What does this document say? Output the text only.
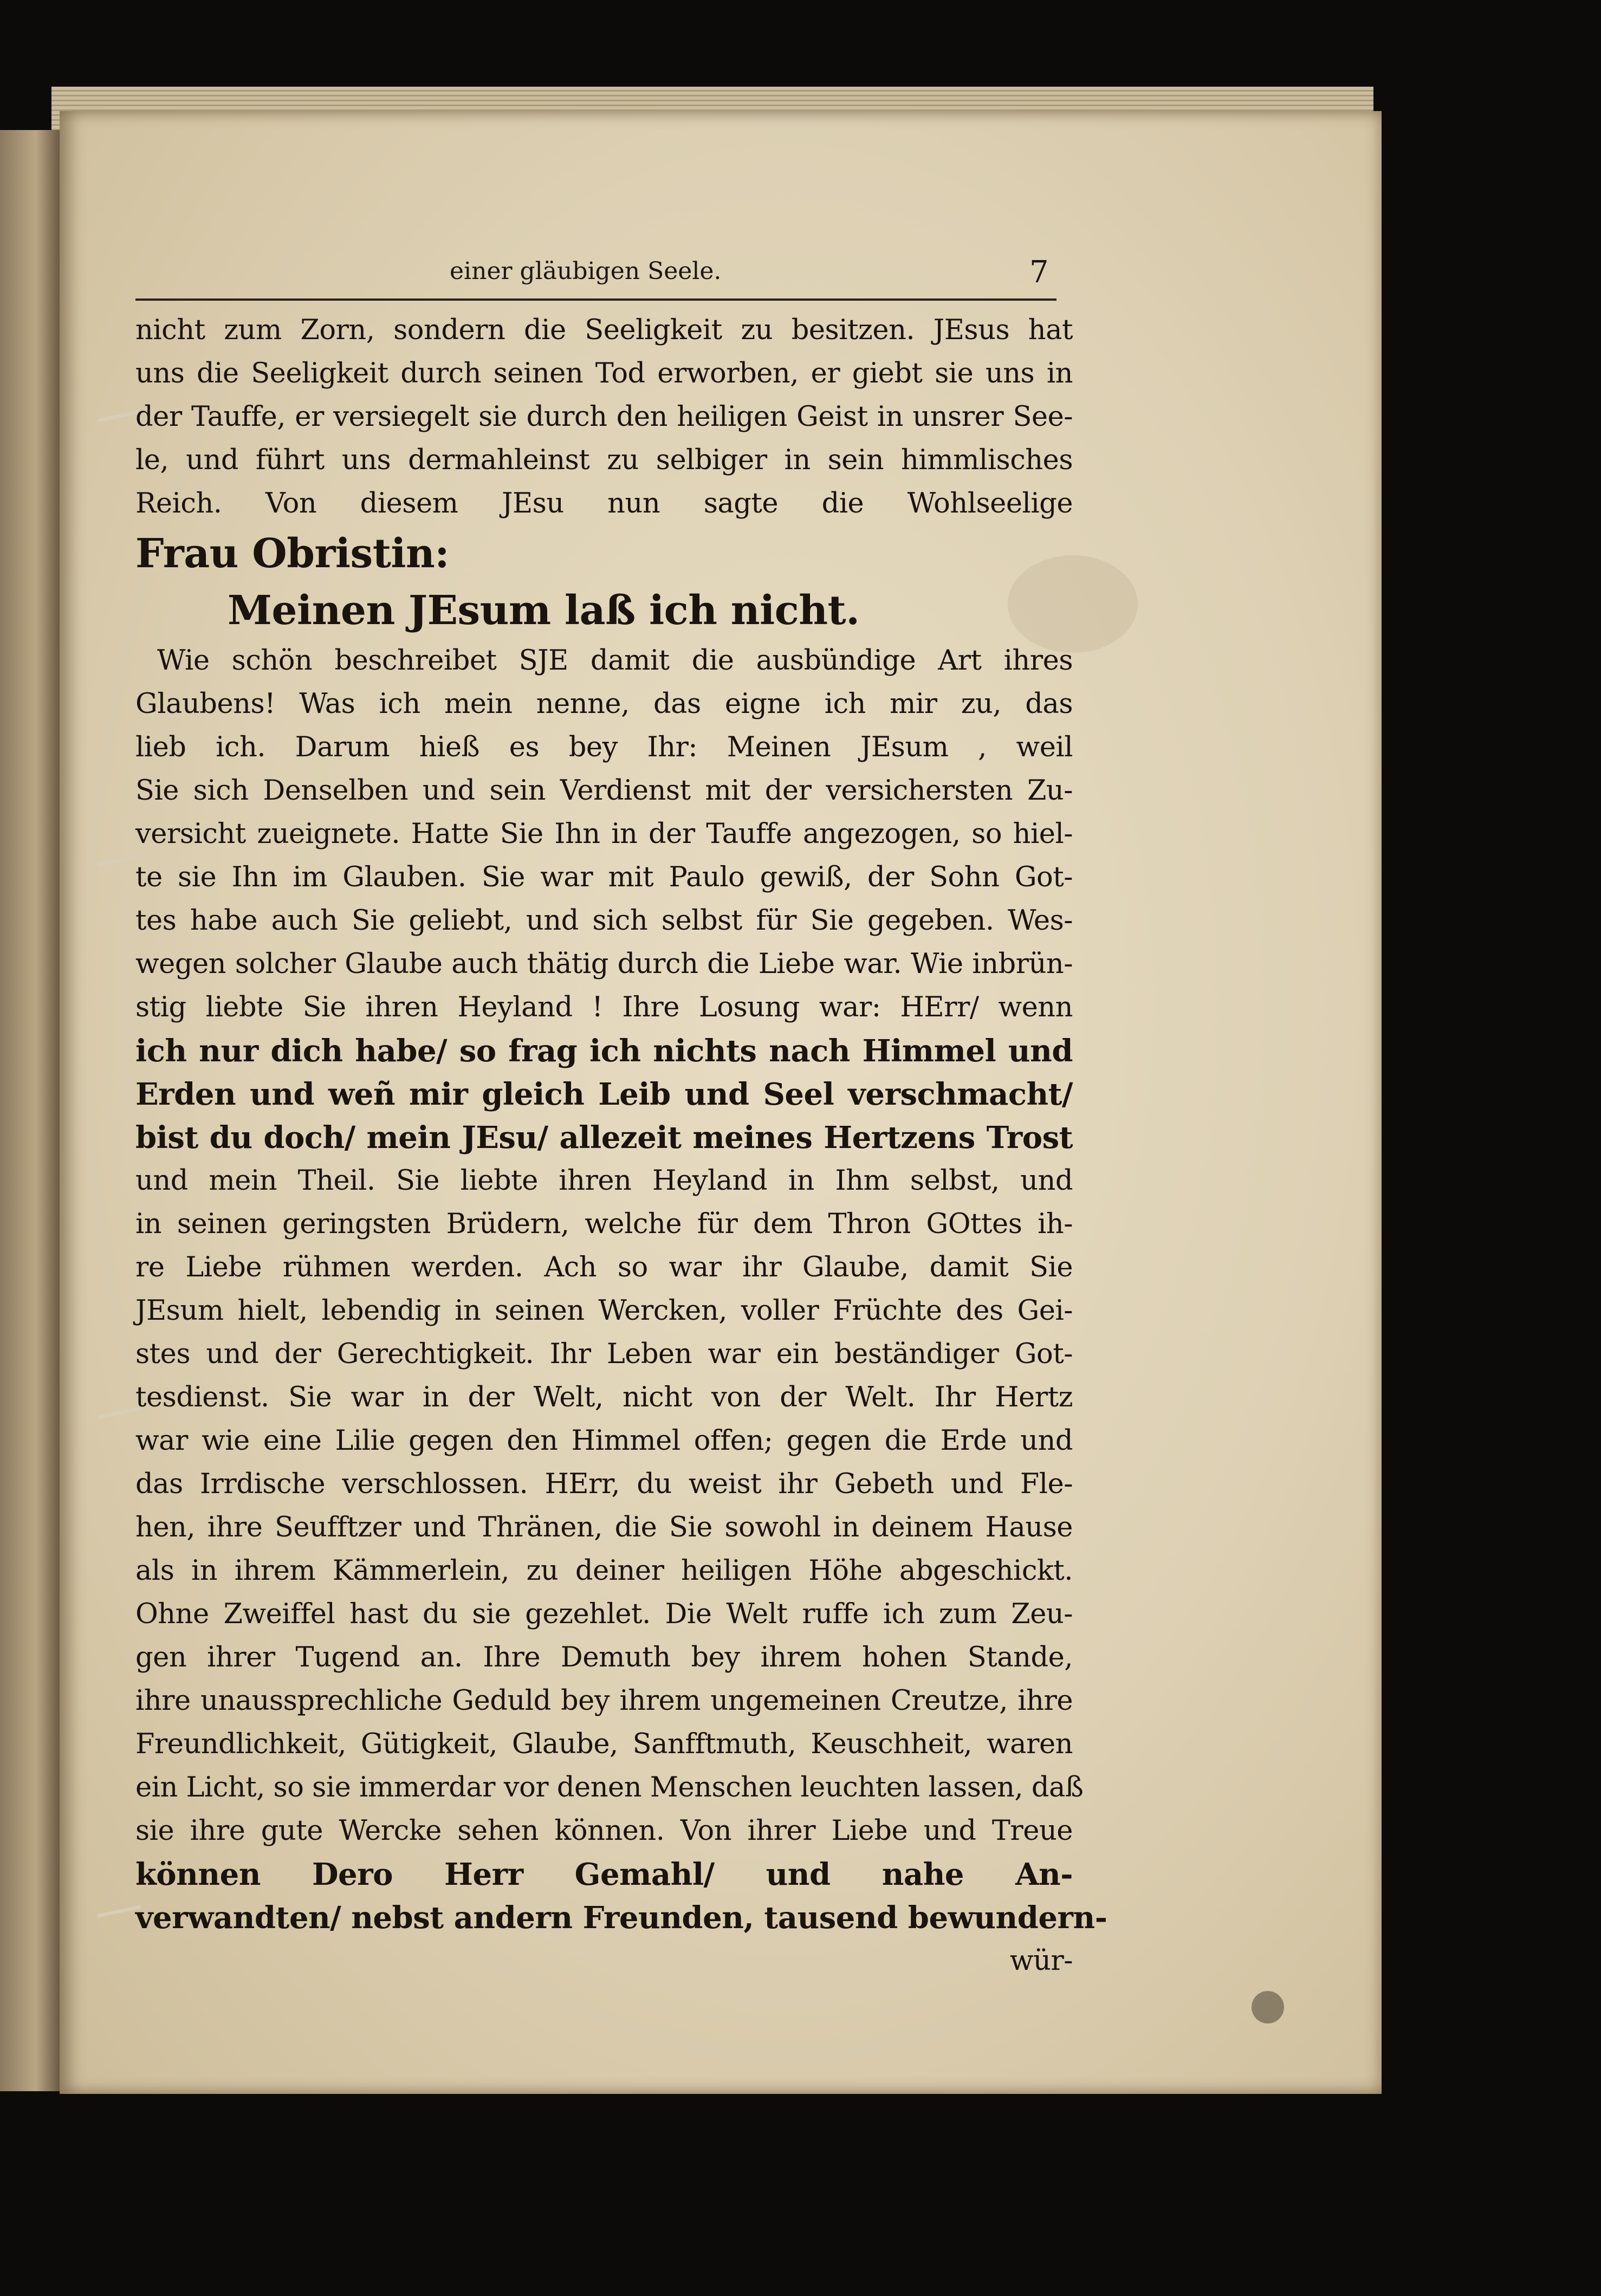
einer gläubigen Seele.	7
nicht zum Zorn, sondern die Seeligkeit zu besitzen. JEsus hat
uns die Seeligkeit durch seinen Tod erworben, er giebt sie uns in
der Tauffe, er versiegelt sie durch den heiligen Geist in unsrer See-
le, und führt uns dermahleinst zu selbiger in sein himmlisches
Reich. Von diesem JEsu nun sagte die Wohlseelige
Frau Obristin:
Meinen JEsum laß ich nicht.
Wie schön beschreibet SJE damit die ausbündige Art ihres
Glaubens! Was ich mein nenne, das eigne ich mir zu, das
lieb ich. Darum hieß es bey Ihr: Meinen JEsum , weil
Sie sich Denselben und sein Verdienst mit der versichersten Zu-
versicht zueignete. Hatte Sie Ihn in der Tauffe angezogen, so hiel-
te sie Ihn im Glauben. Sie war mit Paulo gewiß, der Sohn Got-
tes habe auch Sie geliebt, und sich selbst für Sie gegeben. Wes-
wegen solcher Glaube auch thätig durch die Liebe war. Wie inbrün-
stig liebte Sie ihren Heyland ! Ihre Losung war: HErr/ wenn
ich nur dich habe/ so frag ich nichts nach Himmel und
Erden und weñ mir gleich Leib und Seel verschmacht/
bist du doch/ mein JEsu/ allezeit meines Hertzens Trost
und mein Theil. Sie liebte ihren Heyland in Ihm selbst, und
in seinen geringsten Brüdern, welche für dem Thron GOttes ih-
re Liebe rühmen werden. Ach so war ihr Glaube, damit Sie
JEsum hielt, lebendig in seinen Wercken, voller Früchte des Gei-
stes und der Gerechtigkeit. Ihr Leben war ein beständiger Got-
tesdienst. Sie war in der Welt, nicht von der Welt. Ihr Hertz
war wie eine Lilie gegen den Himmel offen; gegen die Erde und
das Irrdische verschlossen. HErr, du weist ihr Gebeth und Fle-
hen, ihre Seufftzer und Thränen, die Sie sowohl in deinem Hause
als in ihrem Kämmerlein, zu deiner heiligen Höhe abgeschickt.
Ohne Zweiffel hast du sie gezehlet. Die Welt ruffe ich zum Zeu-
gen ihrer Tugend an. Ihre Demuth bey ihrem hohen Stande,
ihre unaussprechliche Geduld bey ihrem ungemeinen Creutze, ihre
Freundlichkeit, Gütigkeit, Glaube, Sanfftmuth, Keuschheit, waren
ein Licht, so sie immerdar vor denen Menschen leuchten lassen, daß
sie ihre gute Wercke sehen können. Von ihrer Liebe und Treue
können Dero Herr Gemahl/ und nahe An-
verwandten/ nebst andern Freunden, tausend bewundern-
wür-
